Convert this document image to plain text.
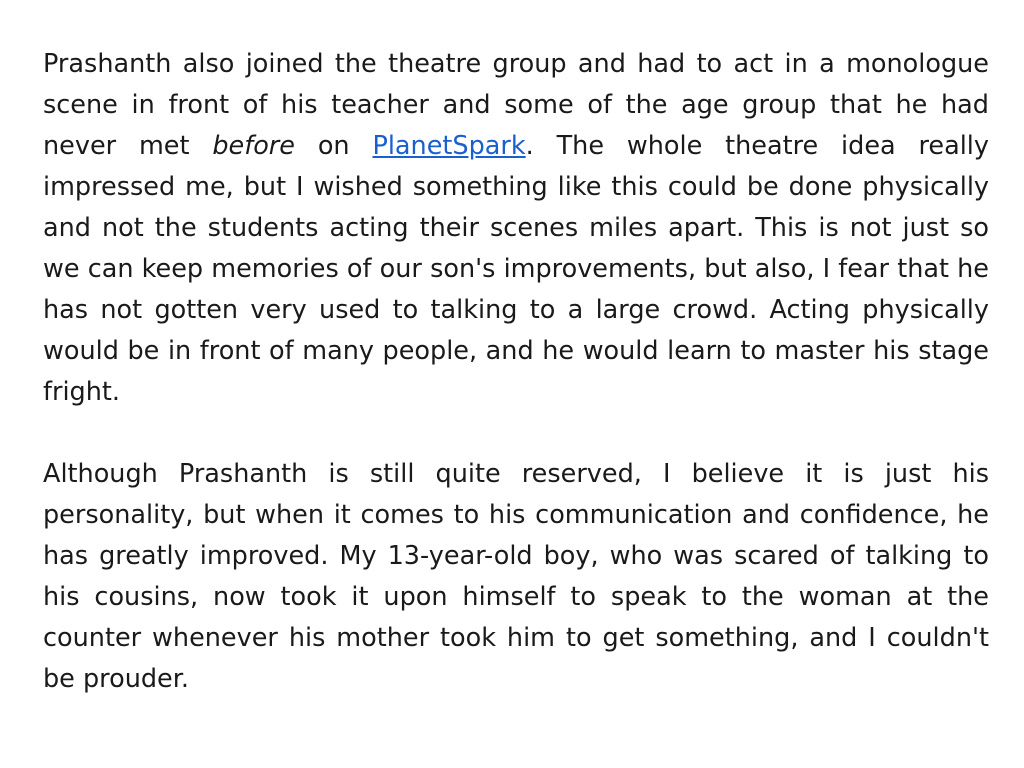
Prashanth also joined the theatre group and had to act in a monologue scene in front of his teacher and some of the age group that he had never met before on PlanetSpark. The whole theatre idea really impressed me, but I wished something like this could be done physically and not the students acting their scenes miles apart. This is not just so we can keep memories of our son's improvements, but also, I fear that he has not gotten very used to talking to a large crowd. Acting physically would be in front of many people, and he would learn to master his stage fright.

Although Prashanth is still quite reserved, I believe it is just his personality, but when it comes to his communication and confidence, he has greatly improved. My 13-year-old boy, who was scared of talking to his cousins, now took it upon himself to speak to the woman at the counter whenever his mother took him to get something, and I couldn't be prouder.
